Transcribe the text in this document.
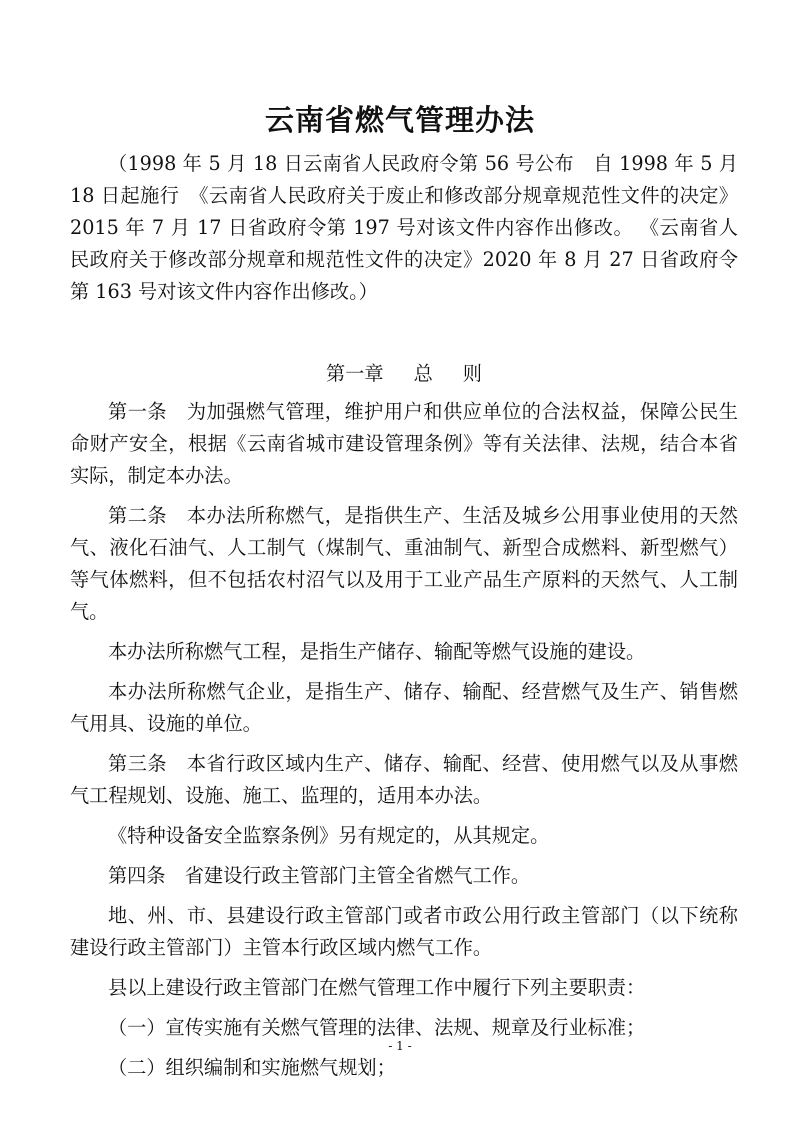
云南省燃气管理办法

（1998 年 5 月 18 日云南省人民政府令第 56 号公布　自 1998 年 5 月 18 日起施行　《云南省人民政府关于废止和修改部分规章规范性文件的决定》 2015 年 7 月 17 日省政府令第 197 号对该文件内容作出修改。 《云南省人民政府关于修改部分规章和规范性文件的决定》2020 年 8 月 27 日省政府令第 163 号对该文件内容作出修改。）

第一章 总 则

第一条　为加强燃气管理，维护用户和供应单位的合法权益，保障公民生命财产安全，根据《云南省城市建设管理条例》等有关法律、法规，结合本省实际，制定本办法。

第二条　本办法所称燃气，是指供生产、生活及城乡公用事业使用的天然气、液化石油气、人工制气（煤制气、重油制气、新型合成燃料、新型燃气）等气体燃料，但不包括农村沼气以及用于工业产品生产原料的天然气、人工制气。

本办法所称燃气工程，是指生产储存、输配等燃气设施的建设。

本办法所称燃气企业，是指生产、储存、输配、经营燃气及生产、销售燃气用具、设施的单位。

第三条　本省行政区域内生产、储存、输配、经营、使用燃气以及从事燃气工程规划、设施、施工、监理的，适用本办法。

《特种设备安全监察条例》另有规定的，从其规定。

第四条　省建设行政主管部门主管全省燃气工作。

地、州、市、县建设行政主管部门或者市政公用行政主管部门（以下统称建设行政主管部门）主管本行政区域内燃气工作。

县以上建设行政主管部门在燃气管理工作中履行下列主要职责：

（一）宣传实施有关燃气管理的法律、法规、规章及行业标准；

（二）组织编制和实施燃气规划；

- 1 -
